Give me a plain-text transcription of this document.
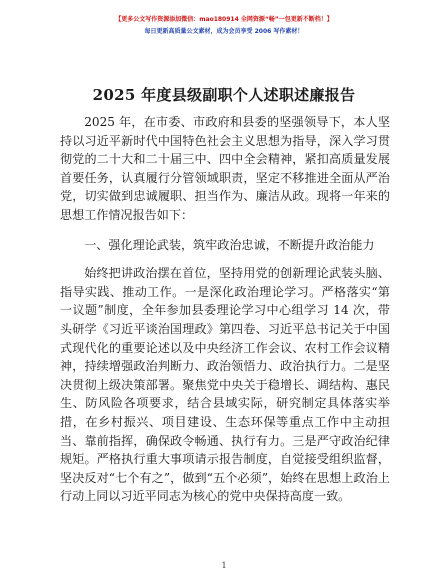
【更多公文写作资源添加微信：mao180914 全网资源“畅”一包更新不断档！】
每日更新高质量公文素材，成为会员享受 2006 写作素材！
2025 年度县级副职个人述职述廉报告

2025 年，在市委、市政府和县委的坚强领导下，本人坚持以习近平新时代中国特色社会主义思想为指导，深入学习贯彻党的二十大和二十届三中、四中全会精神，紧扣高质量发展首要任务，认真履行分管领域职责，坚定不移推进全面从严治党，切实做到忠诚履职、担当作为、廉洁从政。现将一年来的思想工作情况报告如下：

一、强化理论武装，筑牢政治忠诚，不断提升政治能力

始终把讲政治摆在首位，坚持用党的创新理论武装头脑、指导实践、推动工作。一是深化政治理论学习。严格落实“第一议题”制度，全年参加县委理论学习中心组学习 14 次，带头研学《习近平谈治国理政》第四卷、习近平总书记关于中国式现代化的重要论述以及中央经济工作会议、农村工作会议精神，持续增强政治判断力、政治领悟力、政治执行力。二是坚决贯彻上级决策部署。聚焦党中央关于稳增长、调结构、惠民生、防风险各项要求，结合县域实际，研究制定具体落实举措，在乡村振兴、项目建设、生态环保等重点工作中主动担当、靠前指挥，确保政令畅通、执行有力。三是严守政治纪律规矩。严格执行重大事项请示报告制度，自觉接受组织监督，坚决反对“七个有之”，做到“五个必须”，始终在思想上政治上行动上同以习近平同志为核心的党中央保持高度一致。

1
